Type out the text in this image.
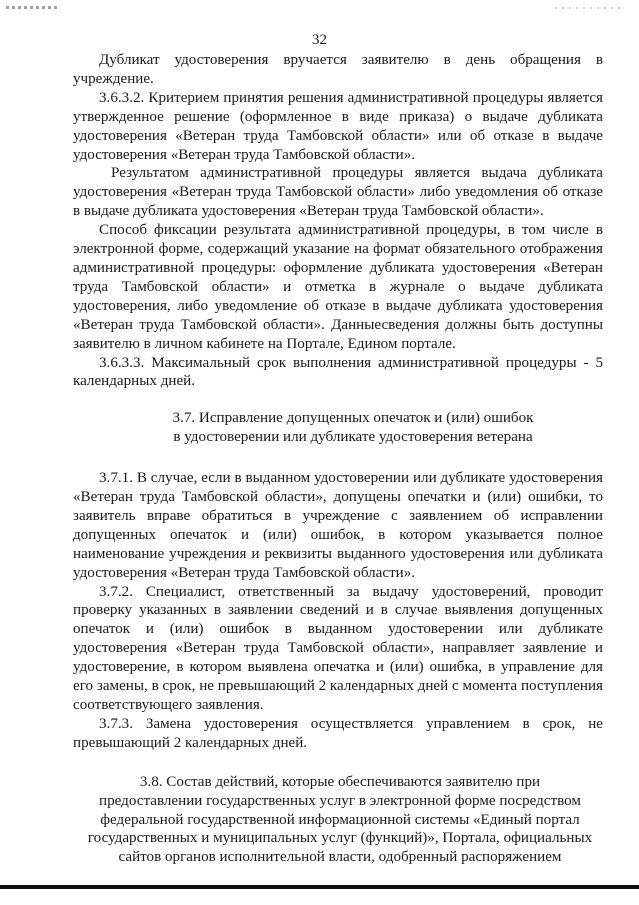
32

Дубликат удостоверения вручается заявителю в день обращения в учреждение.

3.6.3.2. Критерием принятия решения административной процедуры является утвержденное решение (оформленное в виде приказа) о выдаче дубликата удостоверения «Ветеран труда Тамбовской области» или об отказе в выдаче удостоверения «Ветеран труда Тамбовской области».

Результатом административной процедуры является выдача дубликата удостоверения «Ветеран труда Тамбовской области» либо уведомления об отказе в выдаче дубликата удостоверения «Ветеран труда Тамбовской области».

Способ фиксации результата административной процедуры, в том числе в электронной форме, содержащий указание на формат обязательного отображения административной процедуры: оформление дубликата удостоверения «Ветеран труда Тамбовской области» и отметка в журнале о выдаче дубликата удостоверения, либо уведомление об отказе в выдаче дубликата удостоверения «Ветеран труда Тамбовской области». Данныесведения должны быть доступны заявителю в личном кабинете на Портале, Едином портале.

3.6.3.3. Максимальный срок выполнения административной процедуры - 5 календарных дней.

3.7. Исправление допущенных опечаток и (или) ошибок
в удостоверении или дубликате удостоверения ветерана

3.7.1. В случае, если в выданном удостоверении или дубликате удостоверения «Ветеран труда Тамбовской области», допущены опечатки и (или) ошибки, то заявитель вправе обратиться в учреждение с заявлением об исправлении допущенных опечаток и (или) ошибок, в котором указывается полное наименование учреждения и реквизиты выданного удостоверения или дубликата удостоверения «Ветеран труда Тамбовской области».

3.7.2. Специалист, ответственный за выдачу удостоверений, проводит проверку указанных в заявлении сведений и в случае выявления допущенных опечаток и (или) ошибок в выданном удостоверении или дубликате удостоверения «Ветеран труда Тамбовской области», направляет заявление и удостоверение, в котором выявлена опечатка и (или) ошибка, в управление для его замены, в срок, не превышающий 2 календарных дней с момента поступления соответствующего заявления.

3.7.3. Замена удостоверения осуществляется управлением в срок, не превышающий 2 календарных дней.

3.8. Состав действий, которые обеспечиваются заявителю при
предоставлении государственных услуг в электронной форме посредством
федеральной государственной информационной системы «Единый портал
государственных и муниципальных услуг (функций)», Портала, официальных
сайтов органов исполнительной власти, одобренный распоряжением
